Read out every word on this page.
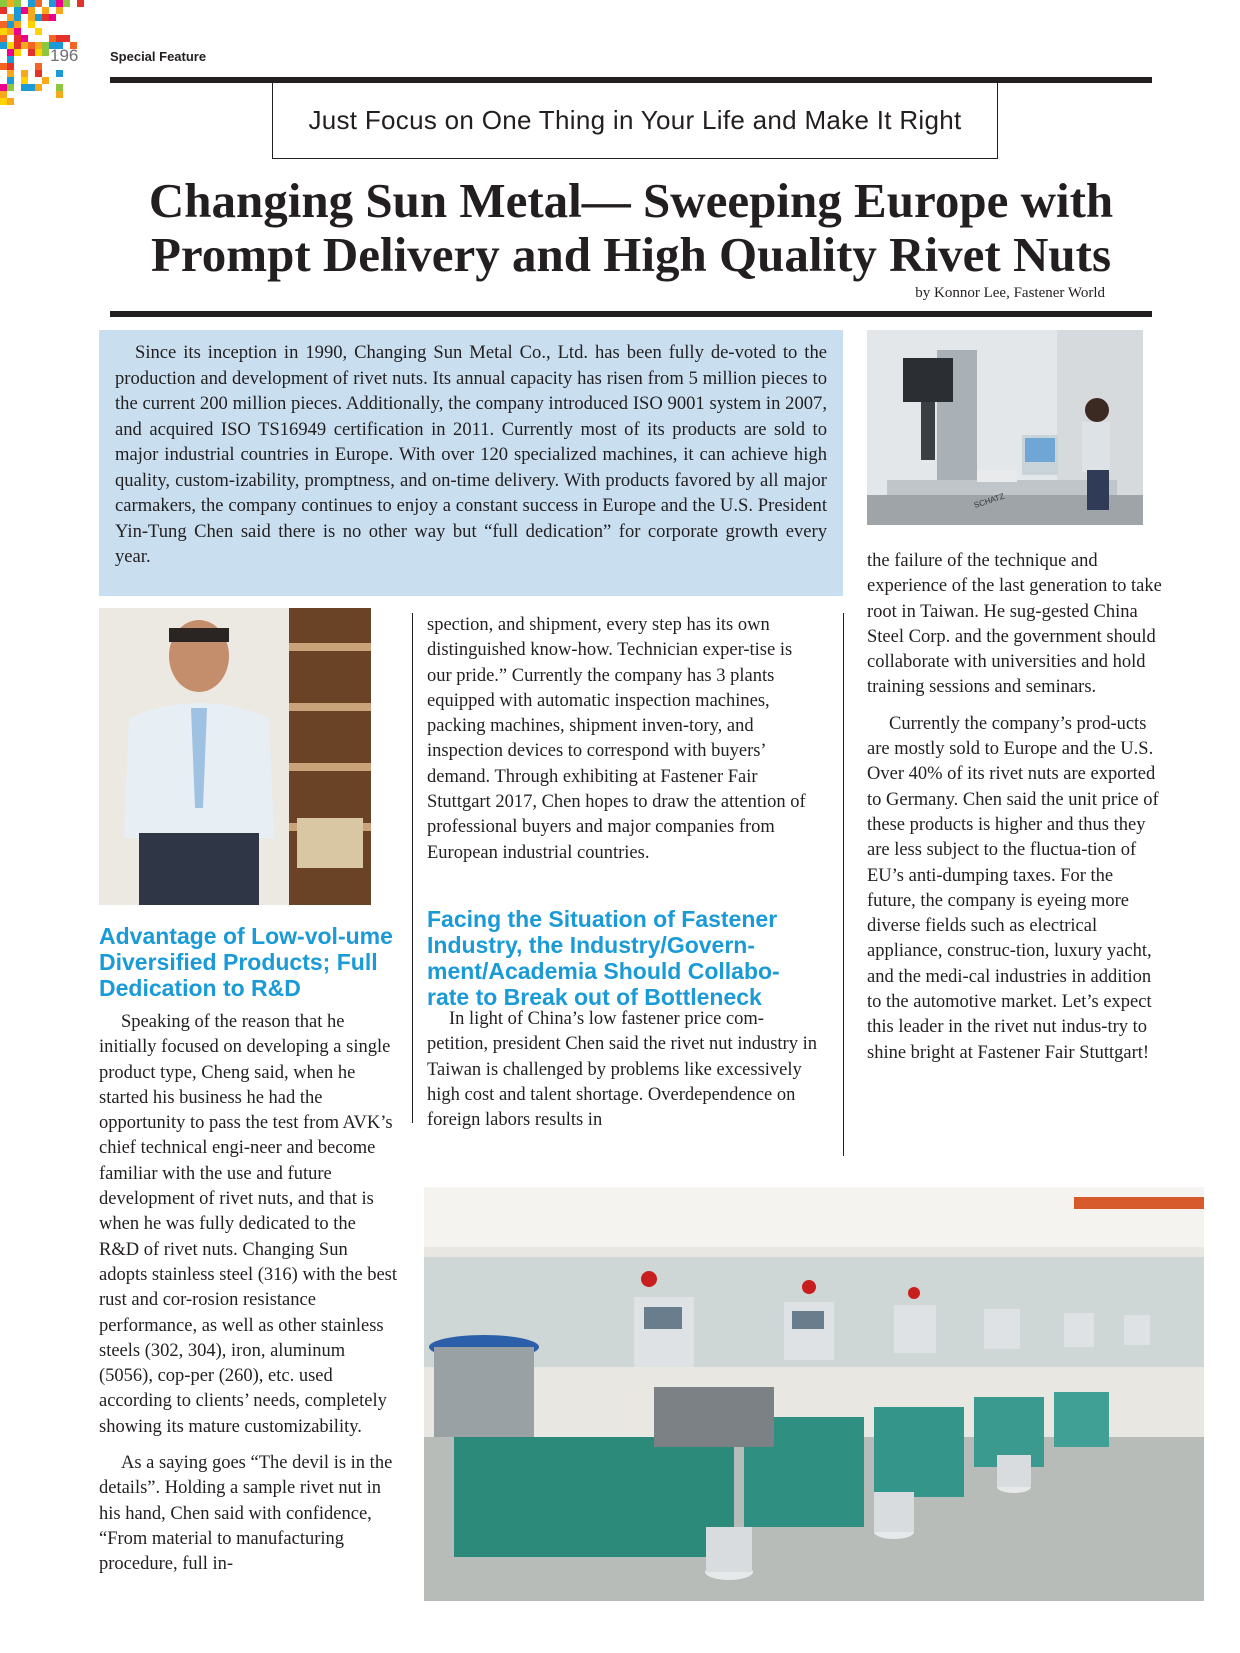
196 Special Feature
Just Focus on One Thing in Your Life and Make It Right
Changing Sun Metal— Sweeping Europe with
Prompt Delivery and High Quality Rivet Nuts
by Konnor Lee, Fastener World

Since its inception in 1990, Changing Sun Metal Co., Ltd. has been fully de-voted to the production and development of rivet nuts. Its annual capacity has risen from 5 million pieces to the current 200 million pieces. Additionally, the company introduced ISO 9001 system in 2007, and acquired ISO TS16949 certification in 2011. Currently most of its products are sold to major industrial countries in Europe. With over 120 specialized machines, it can achieve high quality, custom-izability, promptness, and on-time delivery. With products favored by all major carmakers, the company continues to enjoy a constant success in Europe and the U.S. President Yin-Tung Chen said there is no other way but “full dedication” for corporate growth every year.

SCHATZ
Advantage of Low-vol-ume Diversified Products; Full Dedication to R&D
Facing the Situation of Fastener Industry, the Industry/Govern-ment/Academia Should Collabo-rate to Break out of Bottleneck

Speaking of the reason that he initially focused on developing a single product type, Cheng said, when he started his business he had the opportunity to pass the test from AVK’s chief technical engi-neer and become familiar with the use and future development of rivet nuts, and that is when he was fully dedicated to the R&D of rivet nuts. Changing Sun adopts stainless steel (316) with the best rust and cor-rosion resistance performance, as well as other stainless steels (302, 304), iron, aluminum (5056), cop-per (260), etc. used according to clients’ needs, completely showing its mature customizability.

As a saying goes “The devil is in the details”. Holding a sample rivet nut in his hand, Chen said with confidence, “From material to manufacturing procedure, full in-

spection, and shipment, every step has its own distinguished know-how. Technician exper-tise is our pride.” Currently the company has 3 plants equipped with automatic inspection machines, packing machines, shipment inven-tory, and inspection devices to correspond with buyers’ demand. Through exhibiting at Fastener Fair Stuttgart 2017, Chen hopes to draw the attention of professional buyers and major companies from European industrial countries.

In light of China’s low fastener price com-petition, president Chen said the rivet nut industry in Taiwan is challenged by problems like excessively high cost and talent shortage. Overdependence on foreign labors results in

the failure of the technique and experience of the last generation to take root in Taiwan. He sug-gested China Steel Corp. and the government should collaborate with universities and hold training sessions and seminars.

Currently the company’s prod-ucts are mostly sold to Europe and the U.S. Over 40% of its rivet nuts are exported to Germany. Chen said the unit price of these products is higher and thus they are less subject to the fluctua-tion of EU’s anti-dumping taxes. For the future, the company is eyeing more diverse fields such as electrical appliance, construc-tion, luxury yacht, and the medi-cal industries in addition to the automotive market. Let’s expect this leader in the rivet nut indus-try to shine bright at Fastener Fair Stuttgart!
